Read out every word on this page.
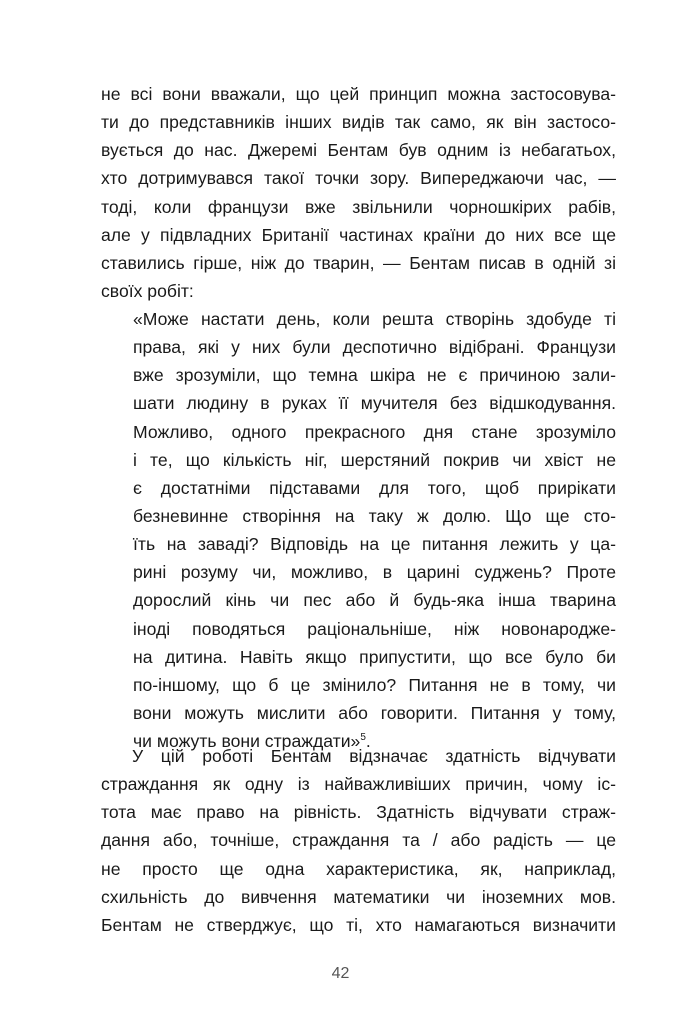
не всі вони вважали, що цей принцип можна застосовува-
ти до представників інших видів так само, як він застосо-
вується до нас. Джеремі Бентам був одним із небагатьох,
хто дотримувався такої точки зору. Випереджаючи час, —
тоді, коли французи вже звільнили чорношкірих рабів,
але у підвладних Британії частинах країни до них все ще
ставились гірше, ніж до тварин, — Бентам писав в одній зі
своїх робіт:
«Може настати день, коли решта створінь здобуде ті
права, які у них були деспотично відібрані. Французи
вже зрозуміли, що темна шкіра не є причиною зали-
шати людину в руках її мучителя без відшкодування.
Можливо, одного прекрасного дня стане зрозуміло
і те, що кількість ніг, шерстяний покрив чи хвіст не
є достатніми підставами для того, щоб прирікати
безневинне створіння на таку ж долю. Що ще сто-
їть на заваді? Відповідь на це питання лежить у ца-
рині розуму чи, можливо, в царині суджень? Проте
дорослий кінь чи пес або й будь-яка інша тварина
іноді поводяться раціональніше, ніж новонародже-
на дитина. Навіть якщо припустити, що все було би
по-іншому, що б це змінило? Питання не в тому, чи
вони можуть мислити або говорити. Питання у тому,
чи можуть вони страждати»$^5$.
У цій роботі Бентам відзначає здатність відчувати
страждання як одну із найважливіших причин, чому іс-
тота має право на рівність. Здатність відчувати страж-
дання або, точніше, страждання та / або радість — це
не просто ще одна характеристика, як, наприклад,
схильність до вивчення математики чи іноземних мов.
Бентам не стверджує, що ті, хто намагаються визначити
42
